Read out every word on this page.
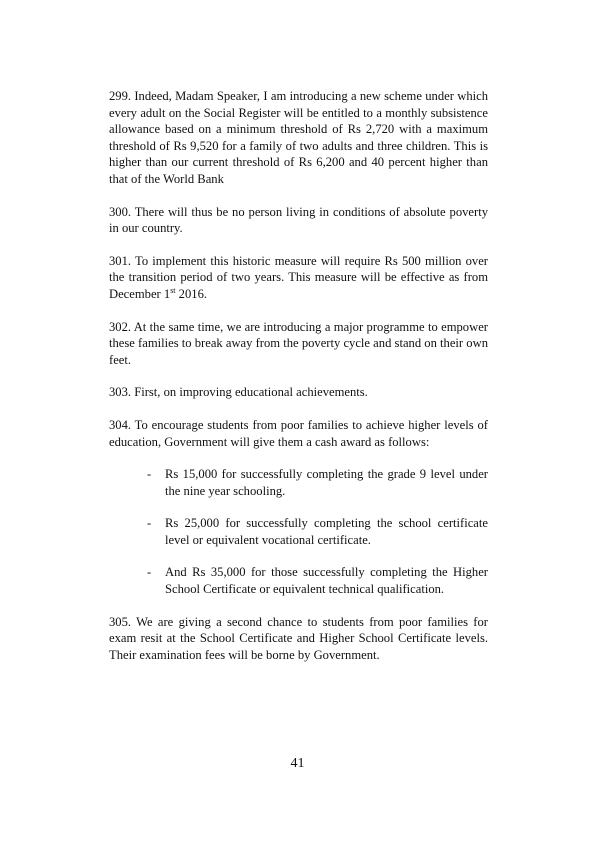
299. Indeed, Madam Speaker, I am introducing a new scheme under which every adult on the Social Register will be entitled to a monthly subsistence allowance based on a minimum threshold of Rs 2,720 with a maximum threshold of Rs 9,520 for a family of two adults and three children. This is higher than our current threshold of Rs 6,200 and 40 percent higher than that of the World Bank

300. There will thus be no person living in conditions of absolute poverty in our country.

301. To implement this historic measure will require Rs 500 million over the transition period of two years. This measure will be effective as from December 1st 2016.

302. At the same time, we are introducing a major programme to empower these families to break away from the poverty cycle and stand on their own feet.

303. First, on improving educational achievements.

304. To encourage students from poor families to achieve higher levels of education, Government will give them a cash award as follows:

- Rs 15,000 for successfully completing the grade 9 level under the nine year schooling.
- Rs 25,000 for successfully completing the school certificate level or equivalent vocational certificate.
- And Rs 35,000 for those successfully completing the Higher School Certificate or equivalent technical qualification.

305. We are giving a second chance to students from poor families for exam resit at the School Certificate and Higher School Certificate levels. Their examination fees will be borne by Government.

41
